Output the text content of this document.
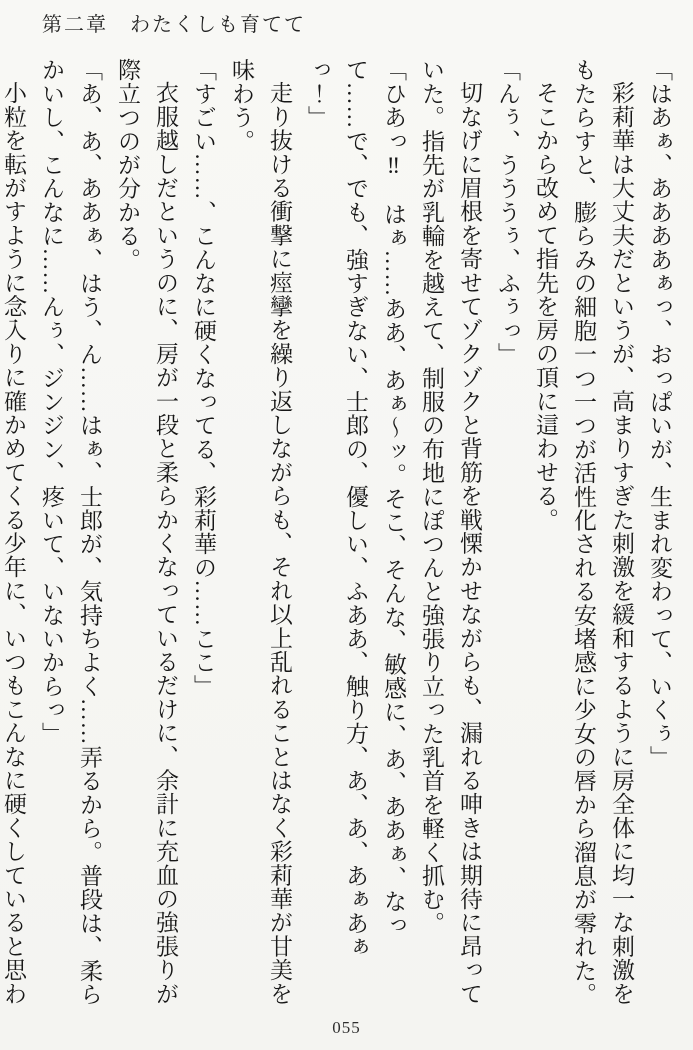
第二章　わたくしも育てて

「はあぁ、ああああぁっ、おっぱいが、生まれ変わって、いくぅ」

彩莉華は大丈夫だというが、高まりすぎた刺激を緩和するように房全体に均一な刺激をもたらすと、膨らみの細胞一つ一つが活性化される安堵感に少女の唇から溜息が零れた。

そこから改めて指先を房の頂に這わせる。

「んぅ、うううぅ、ふぅっ」

切なげに眉根を寄せてゾクゾクと背筋を戦慄かせながらも、漏れる呻きは期待に昂っていた。指先が乳輪を越えて、制服の布地にぽつんと強張り立った乳首を軽く抓む。

「ひあっ‼　はぁ……ああ、あぁ～ッ。そこ、そんな、敏感に、あ、ああぁ、なって……で、でも、強すぎない、士郎の、優しい、ふああ、触り方、あ、あ、あぁあぁっ！」

走り抜ける衝撃に痙攣を繰り返しながらも、それ以上乱れることはなく彩莉華が甘美を味わう。

「すごい……、こんなに硬くなってる、彩莉華の……ここ」

衣服越しだというのに、房が一段と柔らかくなっているだけに、余計に充血の強張りが際立つのが分かる。

「あ、あ、ああぁ、はう、ん……はぁ、士郎が、気持ちよく……弄るから。普段は、柔らかいし、こんなに……んぅ、ジンジン、疼いて、いないからっ」

小粒を転がすように念入りに確かめてくる少年に、いつもこんなに硬くしていると思わ

055
